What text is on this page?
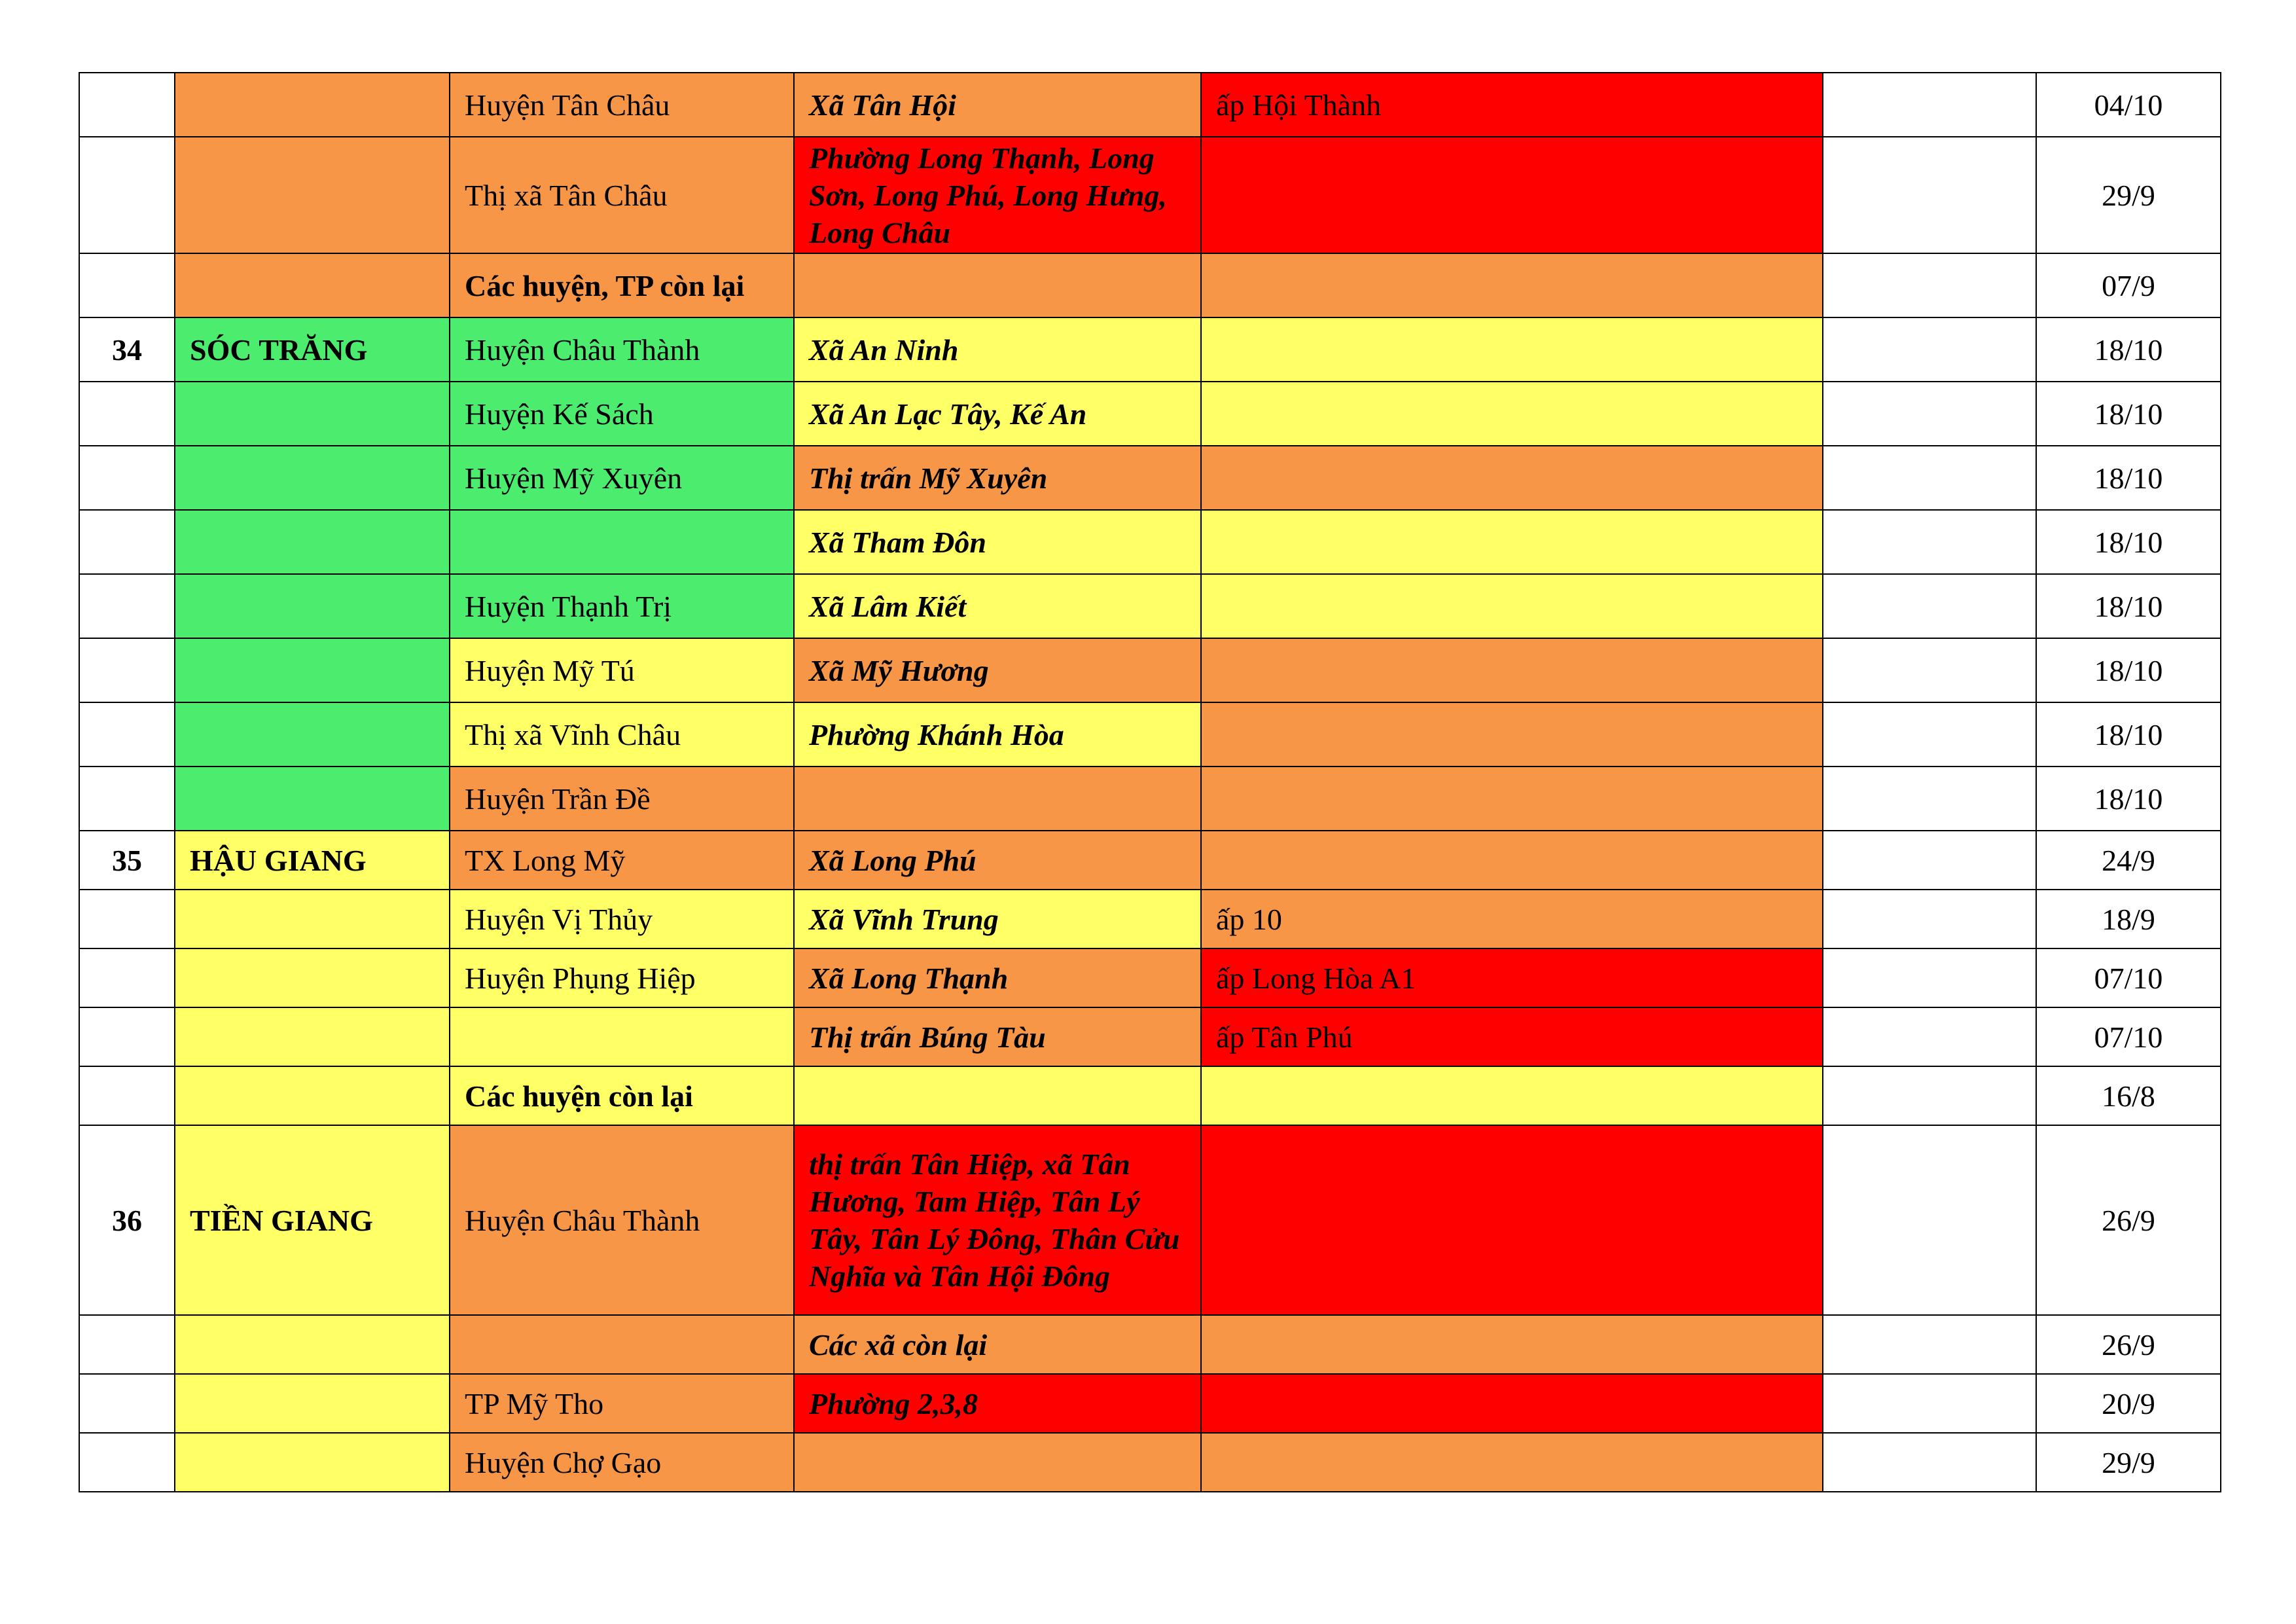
		Huyện Tân Châu	Xã Tân Hội	ấp Hội Thành		04/10
		Thị xã Tân Châu	Phường Long Thạnh, Long Sơn, Long Phú, Long Hưng, Long Châu			29/9
		Các huyện, TP còn lại				07/9
34	SÓC TRĂNG	Huyện Châu Thành	Xã An Ninh			18/10
		Huyện Kế Sách	Xã An Lạc Tây, Kế An			18/10
		Huyện Mỹ Xuyên	Thị trấn Mỹ Xuyên			18/10
			Xã Tham Đôn			18/10
		Huyện Thạnh Trị	Xã Lâm Kiết			18/10
		Huyện Mỹ Tú	Xã Mỹ Hương			18/10
		Thị xã Vĩnh Châu	Phường Khánh Hòa			18/10
		Huyện Trần Đề				18/10
35	HẬU GIANG	TX Long Mỹ	Xã Long Phú			24/9
		Huyện Vị Thủy	Xã Vĩnh Trung	ấp 10		18/9
		Huyện Phụng Hiệp	Xã Long Thạnh	ấp Long Hòa A1		07/10
			Thị trấn Búng Tàu	ấp Tân Phú		07/10
		Các huyện còn lại				16/8
36	TIỀN GIANG	Huyện Châu Thành	thị trấn Tân Hiệp, xã Tân Hương, Tam Hiệp, Tân Lý Tây, Tân Lý Đông, Thân Cửu Nghĩa và Tân Hội Đông			26/9
			Các xã còn lại			26/9
		TP Mỹ Tho	Phường 2,3,8			20/9
		Huyện Chợ Gạo				29/9
